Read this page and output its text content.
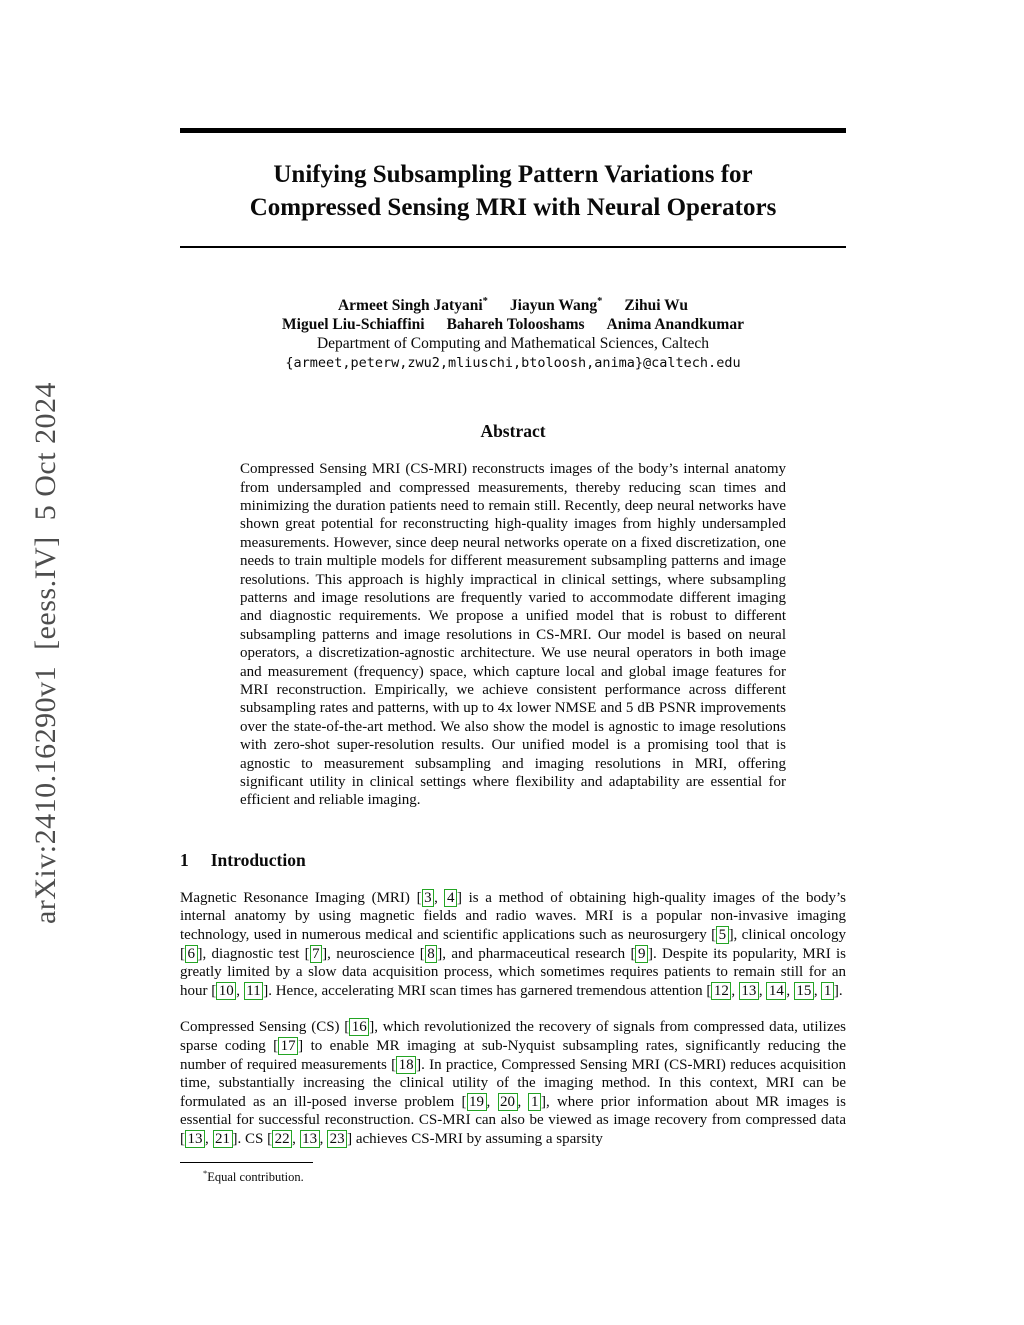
arXiv:2410.16290v1  [eess.IV]  5 Oct 2024
Unifying Subsampling Pattern Variations for
Compressed Sensing MRI with Neural Operators
Armeet Singh Jatyani* Jiayun Wang* Zihui Wu
Miguel Liu-Schiaffini Bahareh Tolooshams Anima Anandkumar
Department of Computing and Mathematical Sciences, Caltech
{armeet,peterw,zwu2,mliuschi,btoloosh,anima}@caltech.edu
Abstract

Compressed Sensing MRI (CS-MRI) reconstructs images of the body’s internal anatomy from undersampled and compressed measurements, thereby reducing scan times and minimizing the duration patients need to remain still. Recently, deep neural networks have shown great potential for reconstructing high-quality images from highly undersampled measurements. However, since deep neural networks operate on a fixed discretization, one needs to train multiple models for different measurement subsampling patterns and image resolutions. This approach is highly impractical in clinical settings, where subsampling patterns and image resolutions are frequently varied to accommodate different imaging and diagnostic requirements. We propose a unified model that is robust to different subsampling patterns and image resolutions in CS-MRI. Our model is based on neural operators, a discretization-agnostic architecture. We use neural operators in both image and measurement (frequency) space, which capture local and global image features for MRI reconstruction. Empirically, we achieve consistent performance across different subsampling rates and patterns, with up to 4x lower NMSE and 5 dB PSNR improvements over the state-of-the-art method. We also show the model is agnostic to image resolutions with zero-shot super-resolution results. Our unified model is a promising tool that is agnostic to measurement subsampling and imaging resolutions in MRI, offering significant utility in clinical settings where flexibility and adaptability are essential for efficient and reliable imaging.

1 Introduction

Magnetic Resonance Imaging (MRI) [ 3 , 4 ] is a method of obtaining high-quality images of the body’s internal anatomy by using magnetic fields and radio waves. MRI is a popular non-invasive imaging technology, used in numerous medical and scientific applications such as neurosurgery [ 5 ], clinical oncology [ 6 ], diagnostic test [ 7 ], neuroscience [ 8 ], and pharmaceutical research [ 9 ]. Despite its popularity, MRI is greatly limited by a slow data acquisition process, which sometimes requires patients to remain still for an hour [ 10 , 11 ]. Hence, accelerating MRI scan times has garnered tremendous attention [ 12 , 13 , 14 , 15 , 1 ].

Compressed Sensing (CS) [ 16 ], which revolutionized the recovery of signals from compressed data, utilizes sparse coding [ 17 ] to enable MR imaging at sub-Nyquist subsampling rates, significantly reducing the number of required measurements [ 18 ]. In practice, Compressed Sensing MRI (CS-MRI) reduces acquisition time, substantially increasing the clinical utility of the imaging method. In this context, MRI can be formulated as an ill-posed inverse problem [ 19 , 20 , 1 ], where prior information about MR images is essential for successful reconstruction. CS-MRI can also be viewed as image recovery from compressed data [ 13 , 21 ]. CS [ 22 , 13 , 23 ] achieves CS-MRI by assuming a sparsity

*Equal contribution.
